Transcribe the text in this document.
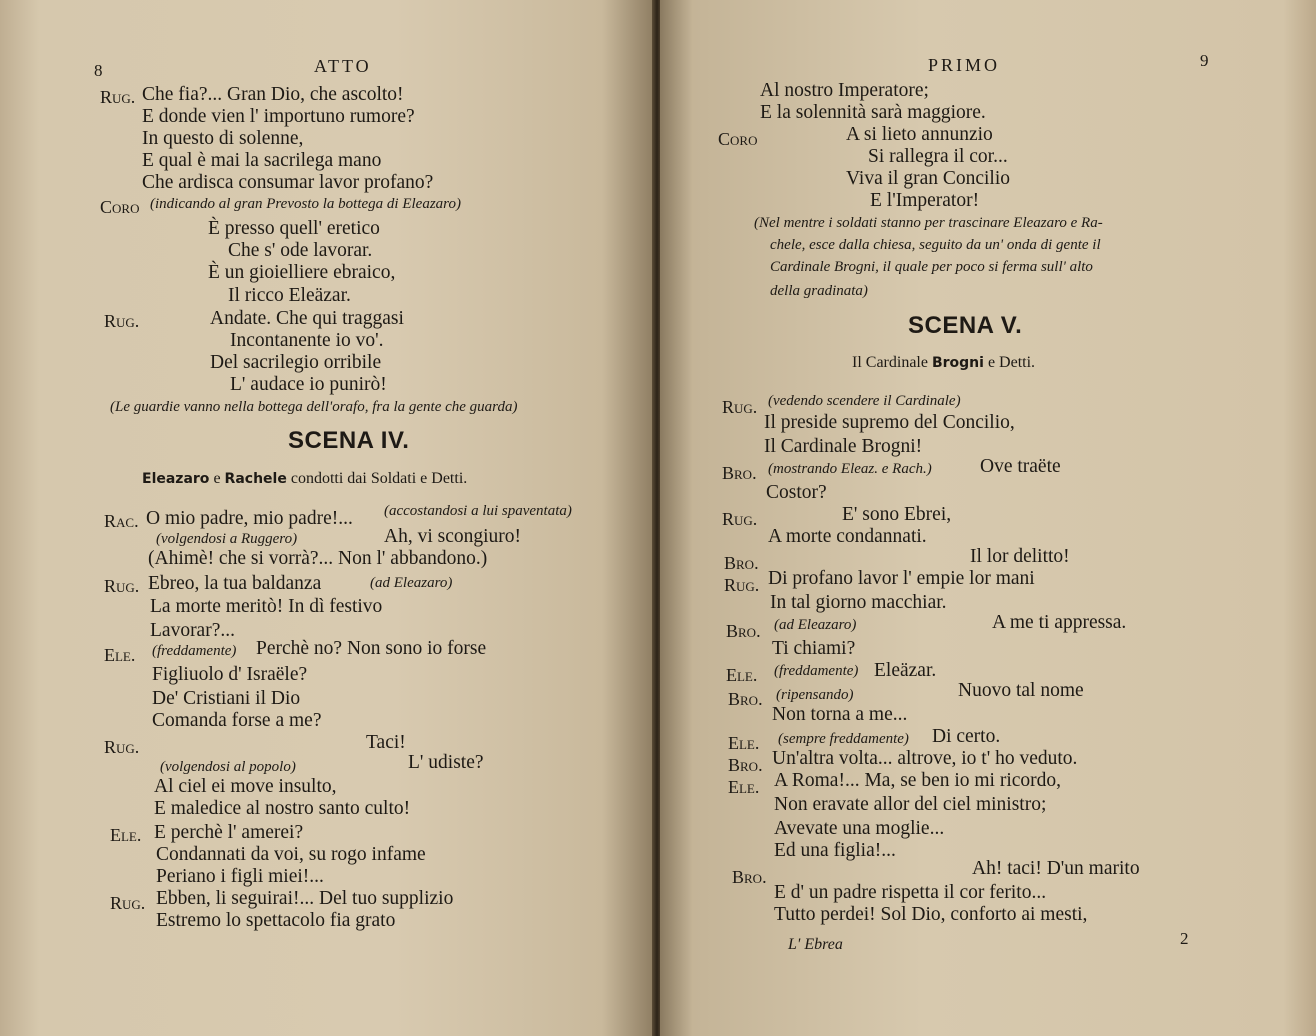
8	ATTO
Rug. Che fia?... Gran Dio, che ascolto!
E donde vien l' importuno rumore?
In questo di solenne,
E qual è mai la sacrilega mano
Che ardisca consumar lavor profano?
Coro (indicando al gran Prevosto la bottega di Eleazaro)
È presso quell' eretico
Che s' ode lavorar.
È un gioielliere ebraico,
Il ricco Eleäzar.
Rug.	Andate. Che qui traggasi
Incontanente io vo'.
Del sacrilegio orribile
L' audace io punirò!
(Le guardie vanno nella bottega dell'orafo, fra la gente che guarda)
SCENA IV.
Eleazaro e Rachele condotti dai Soldati e Detti.
Rac. O mio padre, mio padre!... (accostandosi a lui spaventata)
(volgendosi a Ruggero)	Ah, vi scongiuro!
(Ahimè! che si vorrà?... Non l' abbandono.)
Rug. Ebreo, la tua baldanza	(ad Eleazaro)
La morte meritò! In dì festivo
Lavorar?...
Ele. (freddamente) Perchè no? Non sono io forse
Figliuolo d' Israële?
De' Cristiani il Dio
Comanda forse a me?
Rug.	Taci!
(volgendosi al popolo)	L' udiste?
Al ciel ei move insulto,
E maledice al nostro santo culto!
Ele. E perchè l' amerei?
Condannati da voi, su rogo infame
Periano i figli miei!...
Rug. Ebben, li seguirai!... Del tuo supplizio
Estremo lo spettacolo fia grato
PRIMO	9
Al nostro Imperatore;
E la solennità sarà maggiore.
Coro	A si lieto annunzio
Si rallegra il cor...
Viva il gran Concilio
E l'Imperator!
(Nel mentre i soldati stanno per trascinare Eleazaro e Ra-
chele, esce dalla chiesa, seguito da un' onda di gente il
Cardinale Brogni, il quale per poco si ferma sull' alto
della gradinata)
SCENA V.
Il Cardinale Brogni e Detti.
Rug. (vedendo scendere il Cardinale)
Il preside supremo del Concilio,
Il Cardinale Brogni!
Bro. (mostrando Eleaz. e Rach.) Ove traëte
Costor?
Rug.	E' sono Ebrei,
A morte condannati.
Bro.	Il lor delitto!
Rug. Di profano lavor l' empie lor mani
In tal giorno macchiar.
Bro. (ad Eleazaro)	A me ti appressa.
Ti chiami?
Ele. (freddamente) Eleäzar.
Bro. (ripensando)	Nuovo tal nome
Non torna a me...
Ele. (sempre freddamente) Di certo.
Bro. Un'altra volta... altrove, io t' ho veduto.
Ele. A Roma!... Ma, se ben io mi ricordo,
Non eravate allor del ciel ministro;
Avevate una moglie...
Ed una figlia!...
Bro.	Ah! taci! D'un marito
E d' un padre rispetta il cor ferito...
Tutto perdei! Sol Dio, conforto ai mesti,
L' Ebrea	2
